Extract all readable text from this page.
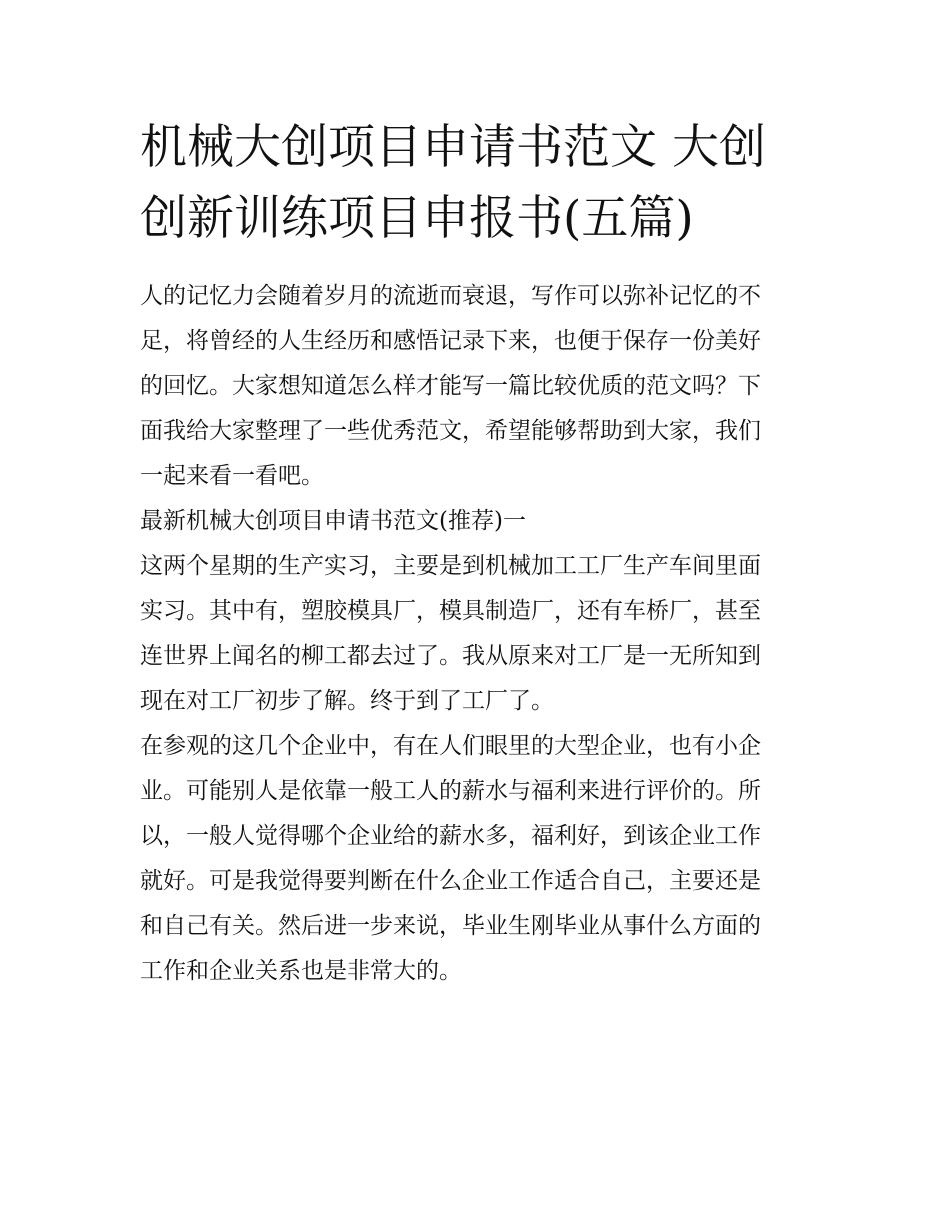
机械大创项目申请书范文 大创
创新训练项目申报书(五篇)

人的记忆力会随着岁月的流逝而衰退，写作可以弥补记忆的不
足，将曾经的人生经历和感悟记录下来，也便于保存一份美好
的回忆。大家想知道怎么样才能写一篇比较优质的范文吗？下
面我给大家整理了一些优秀范文，希望能够帮助到大家，我们
一起来看一看吧。

最新机械大创项目申请书范文(推荐)一

这两个星期的生产实习，主要是到机械加工工厂生产车间里面
实习。其中有，塑胶模具厂，模具制造厂，还有车桥厂，甚至
连世界上闻名的柳工都去过了。我从原来对工厂是一无所知到
现在对工厂初步了解。终于到了工厂了。

在参观的这几个企业中，有在人们眼里的大型企业，也有小企
业。可能别人是依靠一般工人的薪水与福利来进行评价的。所
以，一般人觉得哪个企业给的薪水多，福利好，到该企业工作
就好。可是我觉得要判断在什么企业工作适合自己，主要还是
和自己有关。然后进一步来说，毕业生刚毕业从事什么方面的
工作和企业关系也是非常大的。
